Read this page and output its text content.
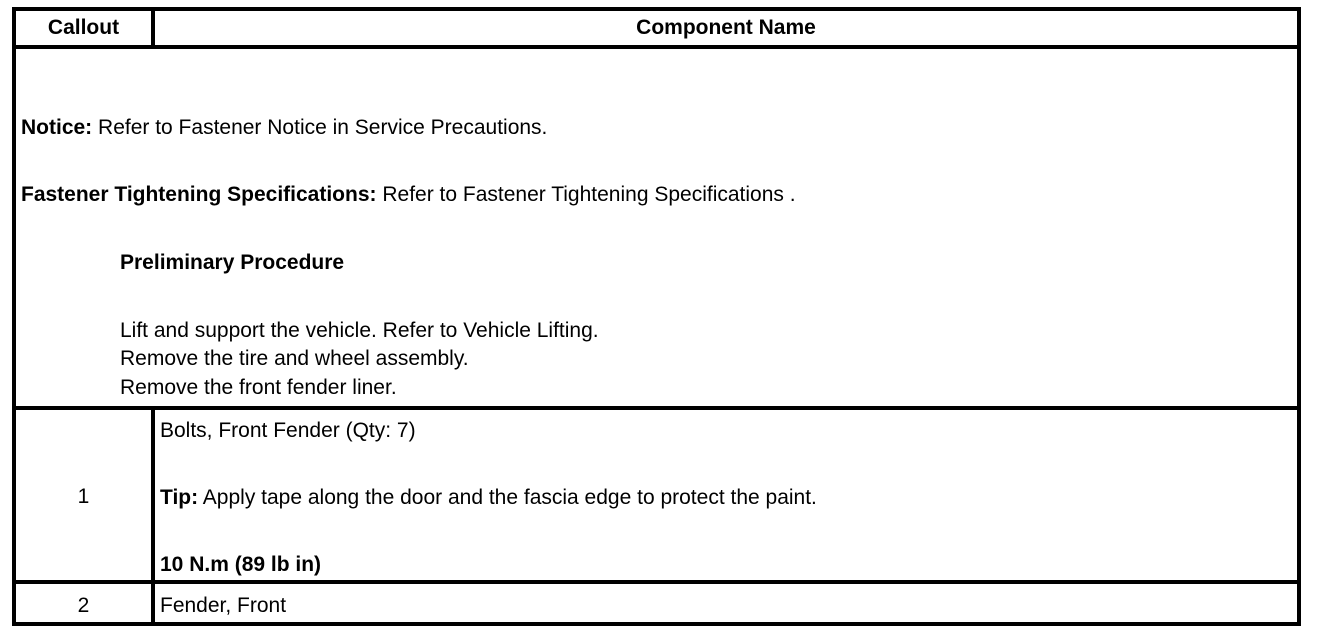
Callout	Component Name
Notice: Refer to Fastener Notice in Service Precautions.
Fastener Tightening Specifications: Refer to Fastener Tightening Specifications .
Preliminary Procedure
Lift and support the vehicle. Refer to Vehicle Lifting.
Remove the tire and wheel assembly.
Remove the front fender liner.
1
Bolts, Front Fender (Qty: 7)
Tip: Apply tape along the door and the fascia edge to protect the paint.
10 N.m (89 lb in)
2	Fender, Front
